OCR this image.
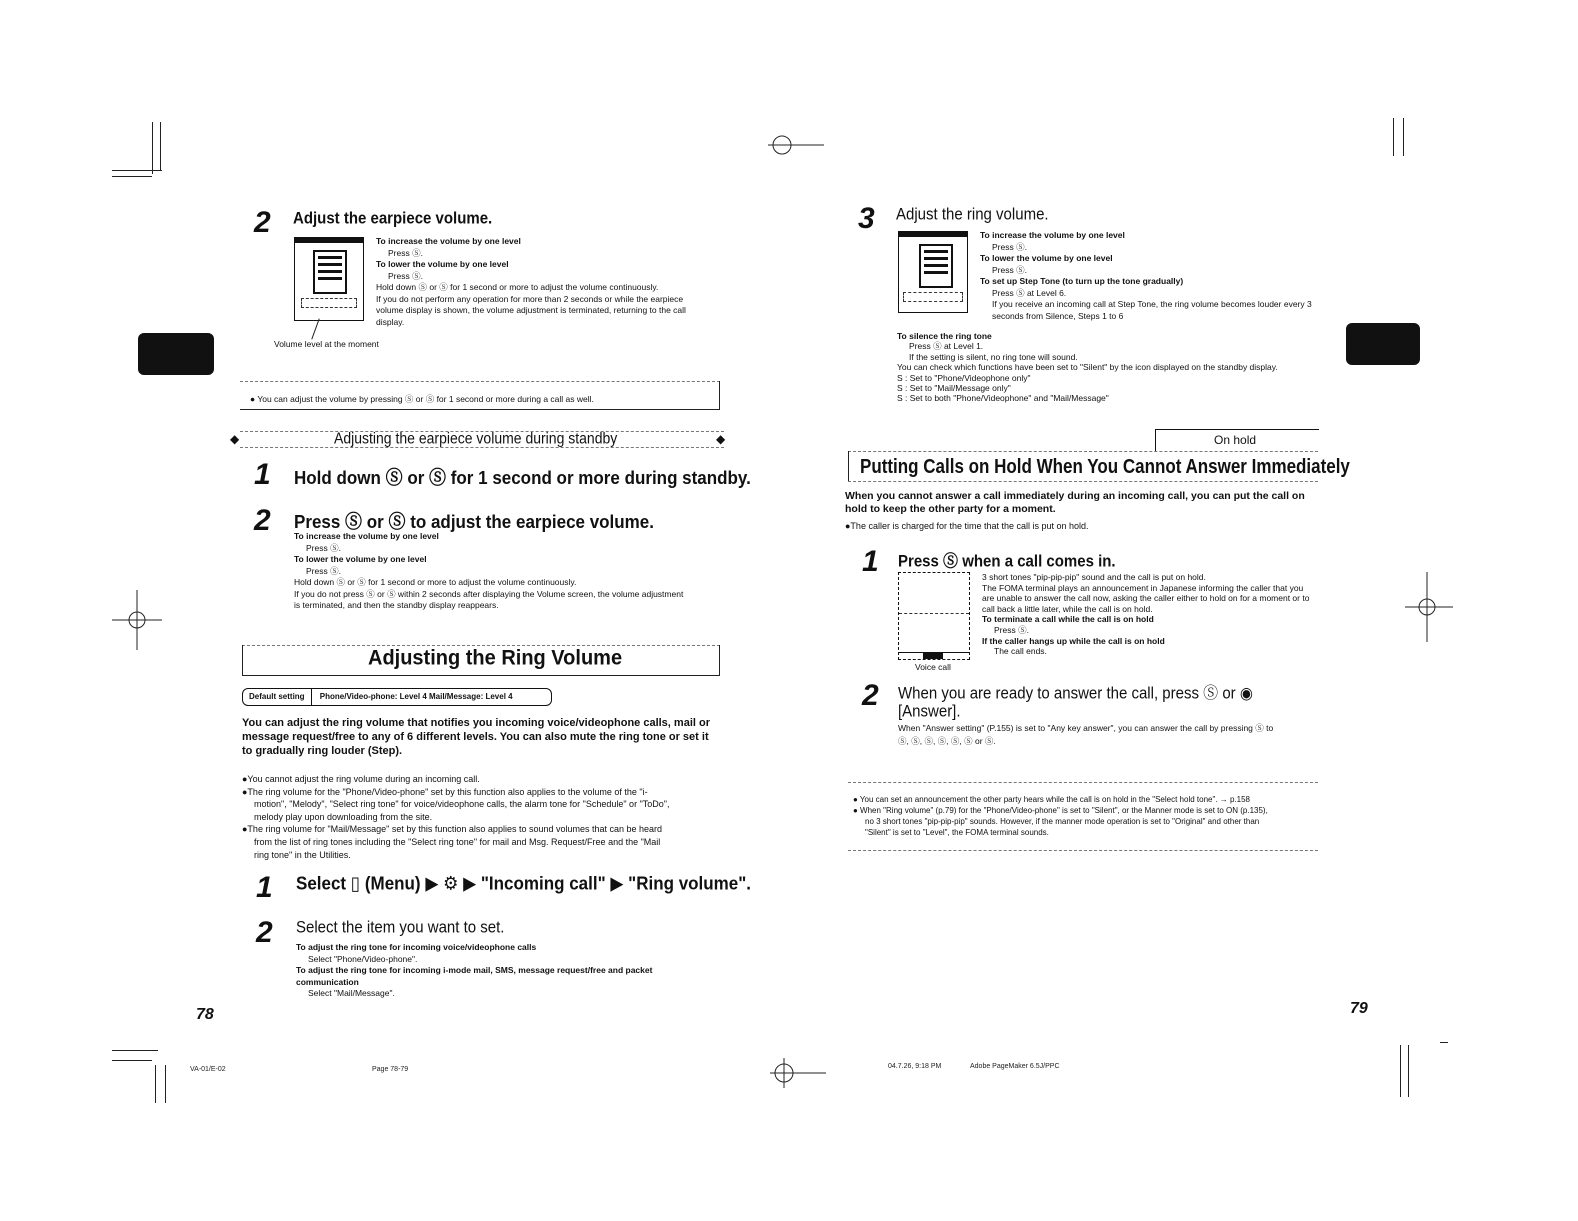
2 Adjust the earpiece volume.
Volume level at the moment
To increase the volume by one level
Press Ⓢ.
To lower the volume by one level
Press Ⓢ.
Hold down Ⓢ or Ⓢ for 1 second or more to adjust the volume continuously.
If you do not perform any operation for more than 2 seconds or while the earpiece
volume display is shown, the volume adjustment is terminated, returning to the call
display.
● You can adjust the volume by pressing Ⓢ or Ⓢ for 1 second or more during a call as well.
◆	◆
Adjusting the earpiece volume during standby
1 Hold down Ⓢ or Ⓢ for 1 second or more during standby.
2 Press Ⓢ or Ⓢ to adjust the earpiece volume.
To increase the volume by one level
Press Ⓢ.
To lower the volume by one level
Press Ⓢ.
Hold down Ⓢ or Ⓢ for 1 second or more to adjust the volume continuously.
If you do not press Ⓢ or Ⓢ within 2 seconds after displaying the Volume screen, the volume adjustment
is terminated, and then the standby display reappears.
Adjusting the Ring Volume
Default setting Phone/Video-phone: Level 4 Mail/Message: Level 4
You can adjust the ring volume that notifies you incoming voice/videophone calls, mail or message request/free to any of 6 different levels. You can also mute the ring tone or set it to gradually ring louder (Step).
●You cannot adjust the ring volume during an incoming call.
●The ring volume for the "Phone/Video-phone" set by this function also applies to the volume of the "i-
motion", "Melody", "Select ring tone" for voice/videophone calls, the alarm tone for "Schedule" or "ToDo",
melody play upon downloading from the site.
●The ring volume for "Mail/Message" set by this function also applies to sound volumes that can be heard
from the list of ring tones including the "Select ring tone" for mail and Msg. Request/Free and the "Mail
ring tone" in the Utilities.
1 Select ▯ (Menu) ▶ ⚙ ▶ "Incoming call" ▶ "Ring volume".
2 Select the item you want to set.
To adjust the ring tone for incoming voice/videophone calls
Select "Phone/Video-phone".
To adjust the ring tone for incoming i-mode mail, SMS, message request/free and packet
communication
Select "Mail/Message".
78
VA-01/E-02	Page 78-79
3 Adjust the ring volume.
To increase the volume by one level
Press Ⓢ.
To lower the volume by one level
Press Ⓢ.
To set up Step Tone (to turn up the tone gradually)
Press Ⓢ at Level 6.
If you receive an incoming call at Step Tone, the ring volume becomes louder every 3
seconds from Silence, Steps 1 to 6
To silence the ring tone
Press Ⓢ at Level 1.
If the setting is silent, no ring tone will sound.
You can check which functions have been set to "Silent" by the icon displayed on the standby display.
S : Set to "Phone/Videophone only"
S : Set to "Mail/Message only"
S : Set to both "Phone/Videophone" and "Mail/Message"
On hold
Putting Calls on Hold When You Cannot Answer Immediately
When you cannot answer a call immediately during an incoming call, you can put the call on hold to keep the other party for a moment.
●The caller is charged for the time that the call is put on hold.
1 Press Ⓢ when a call comes in.
Voice call
3 short tones "pip-pip-pip" sound and the call is put on hold.
The FOMA terminal plays an announcement in Japanese informing the caller that you
are unable to answer the call now, asking the caller either to hold on for a moment or to
call back a little later, while the call is on hold.
To terminate a call while the call is on hold
Press Ⓢ.
If the caller hangs up while the call is on hold
The call ends.
2 When you are ready to answer the call, press Ⓢ or ◉
[Answer].
When "Answer setting" (P.155) is set to "Any key answer", you can answer the call by pressing Ⓢ to
Ⓢ, Ⓢ, Ⓢ, Ⓢ, Ⓢ, Ⓢ or Ⓢ.
● You can set an announcement the other party hears while the call is on hold in the "Select hold tone". → p.158
● When "Ring volume" (p.79) for the "Phone/Video-phone" is set to "Silent", or the Manner mode is set to ON (p.135),
no 3 short tones "pip-pip-pip" sounds. However, if the manner mode operation is set to "Original" and other than
"Silent" is set to "Level", the FOMA terminal sounds.
79
04.7.26, 9:18 PM	Adobe PageMaker 6.5J/PPC
